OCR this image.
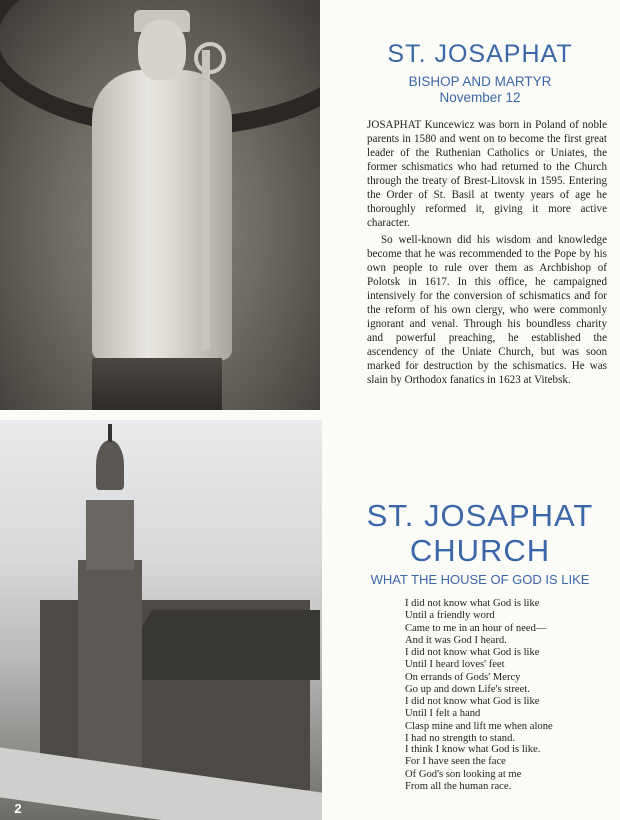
2
ST. JOSAPHAT
BISHOP AND MARTYR
November 12

JOSAPHAT Kuncewicz was born in Poland of noble parents in 1580 and went on to become the first great leader of the Ruthenian Catholics or Uniates, the former schismatics who had returned to the Church through the treaty of Brest-Litovsk in 1595. Entering the Order of St. Basil at twenty years of age he thoroughly reformed it, giving it more active character.

So well-known did his wisdom and knowledge become that he was recommended to the Pope by his own people to rule over them as Archbishop of Polotsk in 1617. In this office, he campaigned intensively for the conversion of schismatics and for the reform of his own clergy, who were commonly ignorant and venal. Through his boundless charity and powerful preaching, he established the ascendency of the Uniate Church, but was soon marked for destruction by the schismatics. He was slain by Orthodox fanatics in 1623 at Vitebsk.

ST. JOSAPHAT
CHURCH
WHAT THE HOUSE OF GOD IS LIKE
I did not know what God is like
Until a friendly word
Came to me in an hour of need—
And it was God I heard.
I did not know what God is like
Until I heard loves' feet
On errands of Gods' Mercy
Go up and down Life's street.
I did not know what God is like
Until I felt a hand
Clasp mine and lift me when alone
I had no strength to stand.
I think I know what God is like.
For I have seen the face
Of God's son looking at me
From all the human race.
